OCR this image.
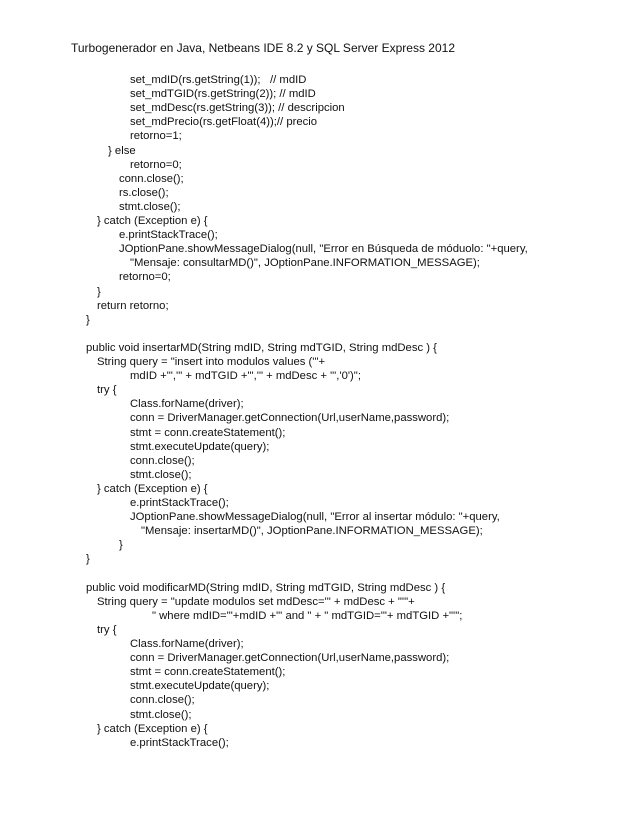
Turbogenerador en Java, Netbeans IDE 8.2 y SQL Server Express 2012
set_mdID(rs.getString(1));   // mdID
set_mdTGID(rs.getString(2)); // mdID
set_mdDesc(rs.getString(3)); // descripcion
set_mdPrecio(rs.getFloat(4));// precio
retorno=1;
} else
retorno=0;
conn.close();
rs.close();
stmt.close();
} catch (Exception e) {
e.printStackTrace();
JOptionPane.showMessageDialog(null, "Error en Búsqueda de móduolo: "+query,
"Mensaje: consultarMD()", JOptionPane.INFORMATION_MESSAGE);
retorno=0;
}
return retorno;
}
public void insertarMD(String mdID, String mdTGID, String mdDesc ) {
String query = "insert into modulos values ('"+
mdID +"','" + mdTGID +"','" + mdDesc + "','0')";
try {
Class.forName(driver);
conn = DriverManager.getConnection(Url,userName,password);
stmt = conn.createStatement();
stmt.executeUpdate(query);
conn.close();
stmt.close();
} catch (Exception e) {
e.printStackTrace();
JOptionPane.showMessageDialog(null, "Error al insertar módulo: "+query,
"Mensaje: insertarMD()", JOptionPane.INFORMATION_MESSAGE);
}
}
public void modificarMD(String mdID, String mdTGID, String mdDesc ) {
String query = "update modulos set mdDesc='" + mdDesc + "'"+
" where mdID='"+mdID +"' and " + " mdTGID='"+ mdTGID +"'";
try {
Class.forName(driver);
conn = DriverManager.getConnection(Url,userName,password);
stmt = conn.createStatement();
stmt.executeUpdate(query);
conn.close();
stmt.close();
} catch (Exception e) {
e.printStackTrace();
